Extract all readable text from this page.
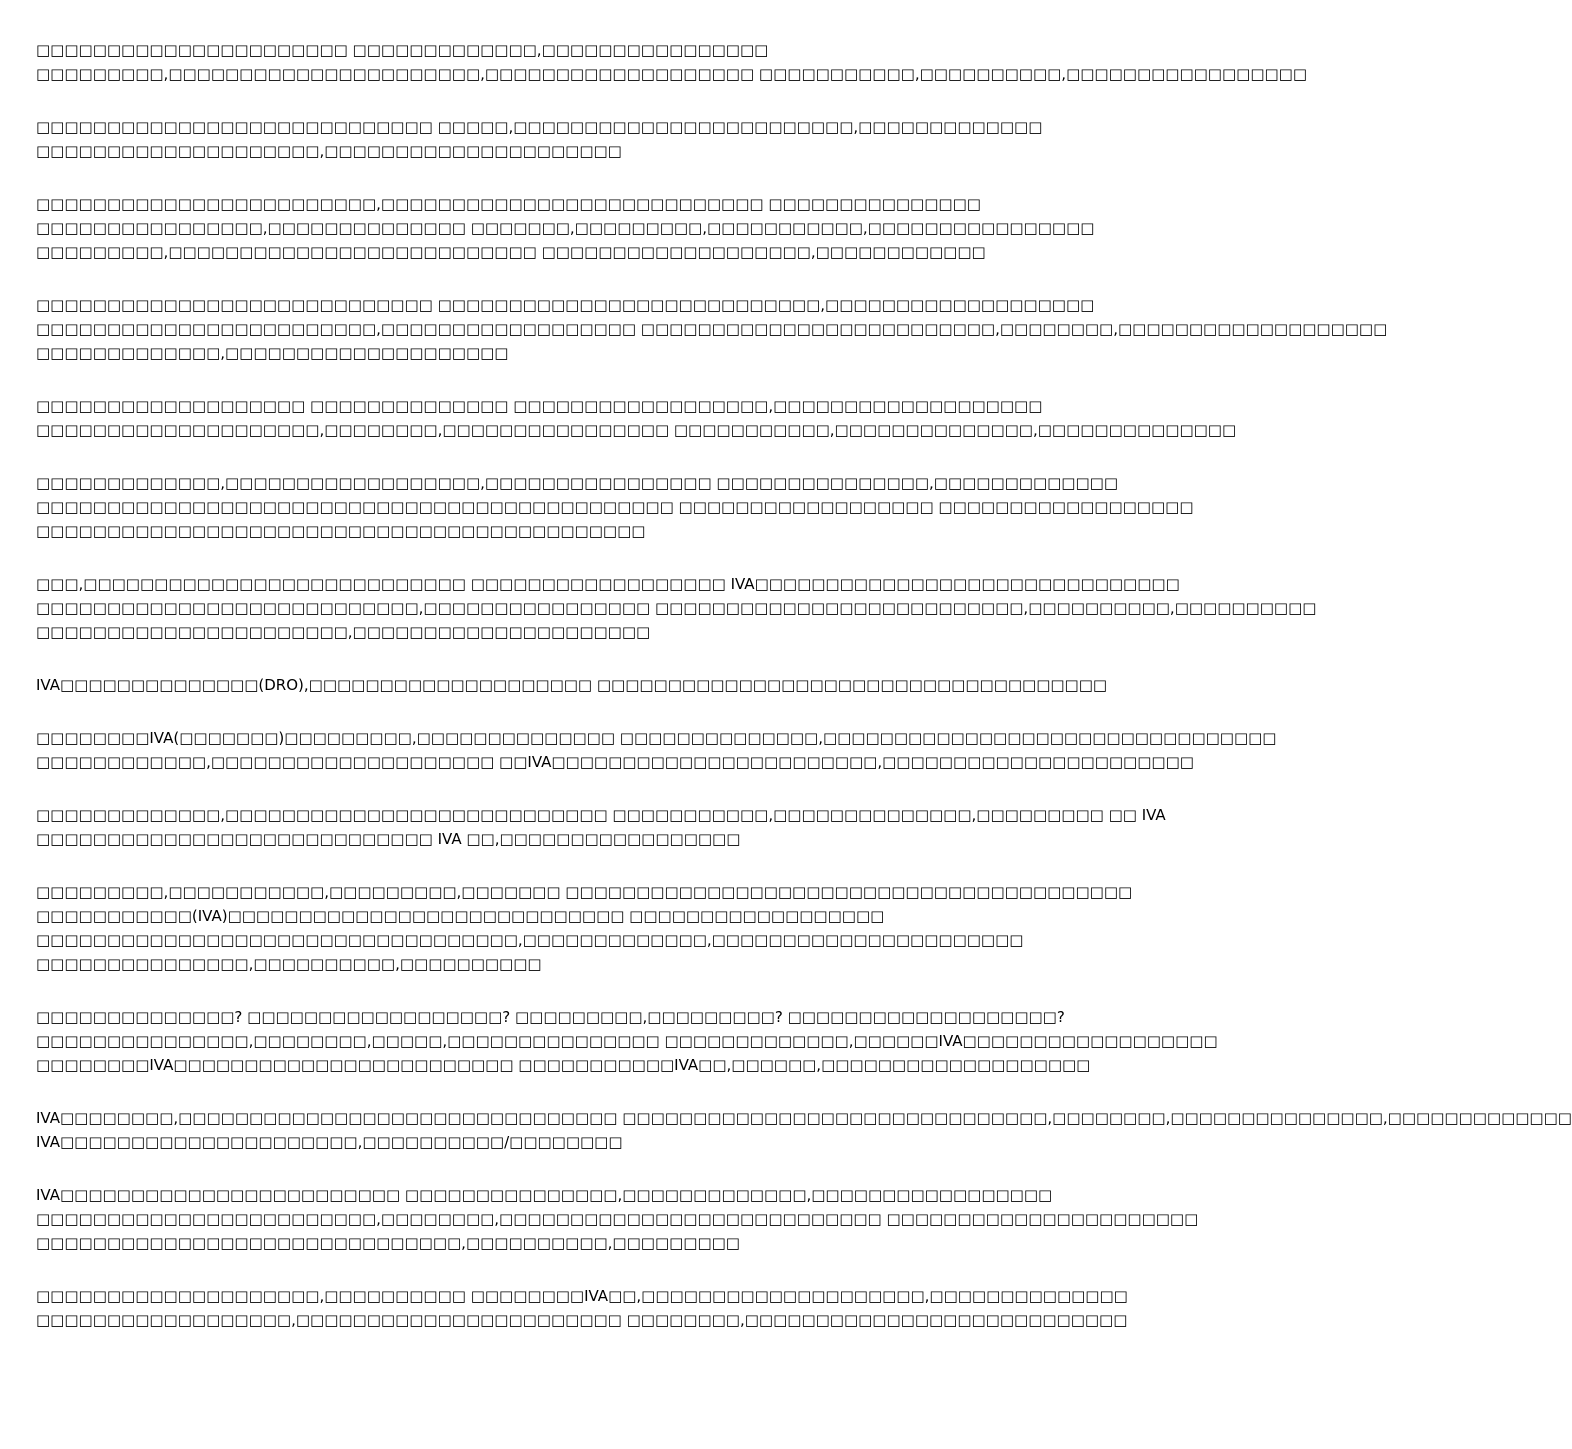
□□□□□□□□□□□□□□□□□□□□□□ □□□□□□□□□□□□□,□□□□□□□□□□□□□□□□
□□□□□□□□□,□□□□□□□□□□□□□□□□□□□□□□,□□□□□□□□□□□□□□□□□□□ □□□□□□□□□□□,□□□□□□□□□□,□□□□□□□□□□□□□□□□□

□□□□□□□□□□□□□□□□□□□□□□□□□□□□ □□□□□,□□□□□□□□□□□□□□□□□□□□□□□□,□□□□□□□□□□□□□
□□□□□□□□□□□□□□□□□□□□,□□□□□□□□□□□□□□□□□□□□□

□□□□□□□□□□□□□□□□□□□□□□□□,□□□□□□□□□□□□□□□□□□□□□□□□□□□ □□□□□□□□□□□□□□□
□□□□□□□□□□□□□□□□,□□□□□□□□□□□□□□ □□□□□□□,□□□□□□□□□,□□□□□□□□□□□,□□□□□□□□□□□□□□□□
□□□□□□□□□,□□□□□□□□□□□□□□□□□□□□□□□□□□ □□□□□□□□□□□□□□□□□□□,□□□□□□□□□□□□

□□□□□□□□□□□□□□□□□□□□□□□□□□□□ □□□□□□□□□□□□□□□□□□□□□□□□□□□,□□□□□□□□□□□□□□□□□□□
□□□□□□□□□□□□□□□□□□□□□□□□,□□□□□□□□□□□□□□□□□□ □□□□□□□□□□□□□□□□□□□□□□□□□,□□□□□□□□,□□□□□□□□□□□□□□□□□□□
□□□□□□□□□□□□□,□□□□□□□□□□□□□□□□□□□□

□□□□□□□□□□□□□□□□□□□ □□□□□□□□□□□□□□ □□□□□□□□□□□□□□□□□□,□□□□□□□□□□□□□□□□□□□
□□□□□□□□□□□□□□□□□□□□,□□□□□□□□,□□□□□□□□□□□□□□□□ □□□□□□□□□□□,□□□□□□□□□□□□□□,□□□□□□□□□□□□□□

□□□□□□□□□□□□□,□□□□□□□□□□□□□□□□□□,□□□□□□□□□□□□□□□□ □□□□□□□□□□□□□□□,□□□□□□□□□□□□□
□□□□□□□□□□□□□□□□□□□□□□□□□□□□□□□□□□□□□□□□□□□□□ □□□□□□□□□□□□□□□□□□ □□□□□□□□□□□□□□□□□□
□□□□□□□□□□□□□□□□□□□□□□□□□□□□□□□□□□□□□□□□□□□

□□□,□□□□□□□□□□□□□□□□□□□□□□□□□□□ □□□□□□□□□□□□□□□□□□ IVA□□□□□□□□□□□□□□□□□□□□□□□□□□□□□□
□□□□□□□□□□□□□□□□□□□□□□□□□□□,□□□□□□□□□□□□□□□□ □□□□□□□□□□□□□□□□□□□□□□□□□□,□□□□□□□□□□,□□□□□□□□□□
□□□□□□□□□□□□□□□□□□□□□□,□□□□□□□□□□□□□□□□□□□□□

IVA□□□□□□□□□□□□□□(DRO),□□□□□□□□□□□□□□□□□□□□ □□□□□□□□□□□□□□□□□□□□□□□□□□□□□□□□□□□□

□□□□□□□□IVA(□□□□□□□)□□□□□□□□□,□□□□□□□□□□□□□□ □□□□□□□□□□□□□□,□□□□□□□□□□□□□□□□□□□□□□□□□□□□□□□□
□□□□□□□□□□□□,□□□□□□□□□□□□□□□□□□□□ □□IVA□□□□□□□□□□□□□□□□□□□□□□□,□□□□□□□□□□□□□□□□□□□□□□

□□□□□□□□□□□□□,□□□□□□□□□□□□□□□□□□□□□□□□□□□ □□□□□□□□□□□,□□□□□□□□□□□□□□,□□□□□□□□□ □□ IVA
□□□□□□□□□□□□□□□□□□□□□□□□□□□□ IVA □□,□□□□□□□□□□□□□□□□□

□□□□□□□□□,□□□□□□□□□□□,□□□□□□□□□,□□□□□□□ □□□□□□□□□□□□□□□□□□□□□□□□□□□□□□□□□□□□□□□□
□□□□□□□□□□□(IVA)□□□□□□□□□□□□□□□□□□□□□□□□□□□□ □□□□□□□□□□□□□□□□□□
□□□□□□□□□□□□□□□□□□□□□□□□□□□□□□□□□□,□□□□□□□□□□□□□,□□□□□□□□□□□□□□□□□□□□□□
□□□□□□□□□□□□□□□,□□□□□□□□□□,□□□□□□□□□□

□□□□□□□□□□□□□□? □□□□□□□□□□□□□□□□□□? □□□□□□□□□,□□□□□□□□□? □□□□□□□□□□□□□□□□□□□?
□□□□□□□□□□□□□□□,□□□□□□□□,□□□□□,□□□□□□□□□□□□□□□ □□□□□□□□□□□□□,□□□□□□IVA□□□□□□□□□□□□□□□□□□
□□□□□□□□IVA□□□□□□□□□□□□□□□□□□□□□□□□ □□□□□□□□□□□IVA□□,□□□□□□,□□□□□□□□□□□□□□□□□□□

IVA□□□□□□□□,□□□□□□□□□□□□□□□□□□□□□□□□□□□□□□□ □□□□□□□□□□□□□□□□□□□□□□□□□□□□□□,□□□□□□□□,□□□□□□□□□□□□□□□,□□□□□□□□□□□□□
IVA□□□□□□□□□□□□□□□□□□□□□,□□□□□□□□□□/□□□□□□□□

IVA□□□□□□□□□□□□□□□□□□□□□□□□ □□□□□□□□□□□□□□□,□□□□□□□□□□□□□,□□□□□□□□□□□□□□□□□
□□□□□□□□□□□□□□□□□□□□□□□□,□□□□□□□□,□□□□□□□□□□□□□□□□□□□□□□□□□□□ □□□□□□□□□□□□□□□□□□□□□□
□□□□□□□□□□□□□□□□□□□□□□□□□□□□□□,□□□□□□□□□□,□□□□□□□□□

□□□□□□□□□□□□□□□□□□□□,□□□□□□□□□□ □□□□□□□□IVA□□,□□□□□□□□□□□□□□□□□□□□,□□□□□□□□□□□□□□
□□□□□□□□□□□□□□□□□□,□□□□□□□□□□□□□□□□□□□□□□□ □□□□□□□□,□□□□□□□□□□□□□□□□□□□□□□□□□□□
